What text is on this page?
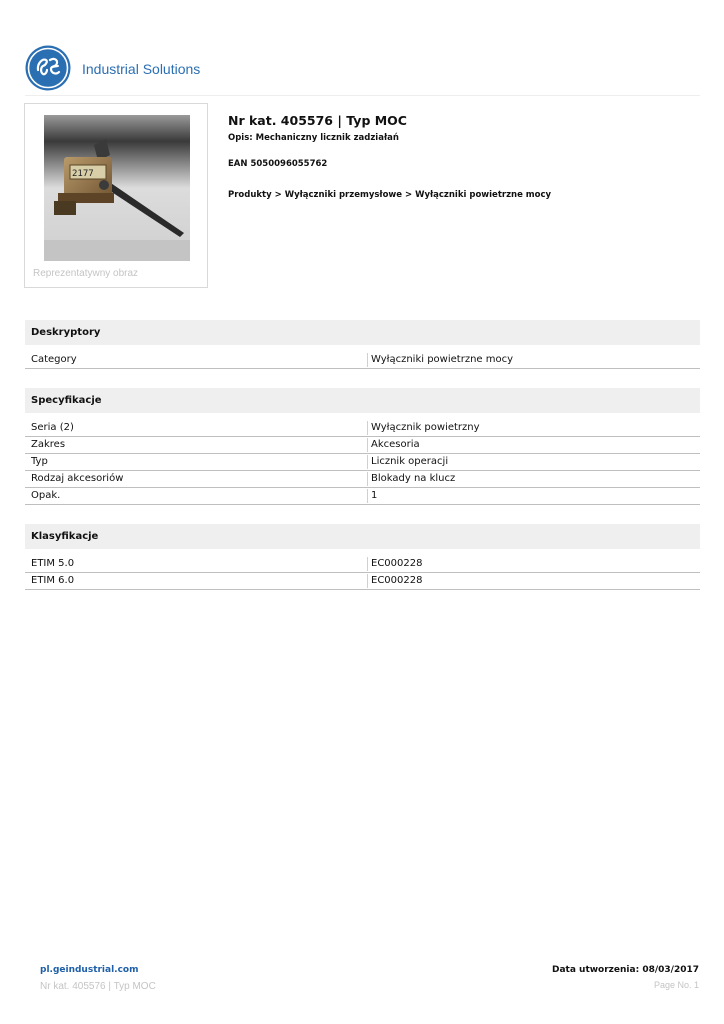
Industrial Solutions
2177
Reprezentatywny obraz
Nr kat. 405576 | Typ MOC
Opis: Mechaniczny licznik zadziałań
EAN 5050096055762
Produkty > Wyłączniki przemysłowe > Wyłączniki powietrzne mocy
Deskryptory
Category	Wyłączniki powietrzne mocy
Specyfikacje
Seria (2)	Wyłącznik powietrzny
Zakres	Akcesoria
Typ	Licznik operacji
Rodzaj akcesoriów	Blokady na klucz
Opak.	1
Klasyfikacje
ETIM 5.0	EC000228
ETIM 6.0	EC000228
pl.geindustrial.com
Nr kat. 405576 | Typ MOC
Data utworzenia: 08/03/2017
Page No. 1
